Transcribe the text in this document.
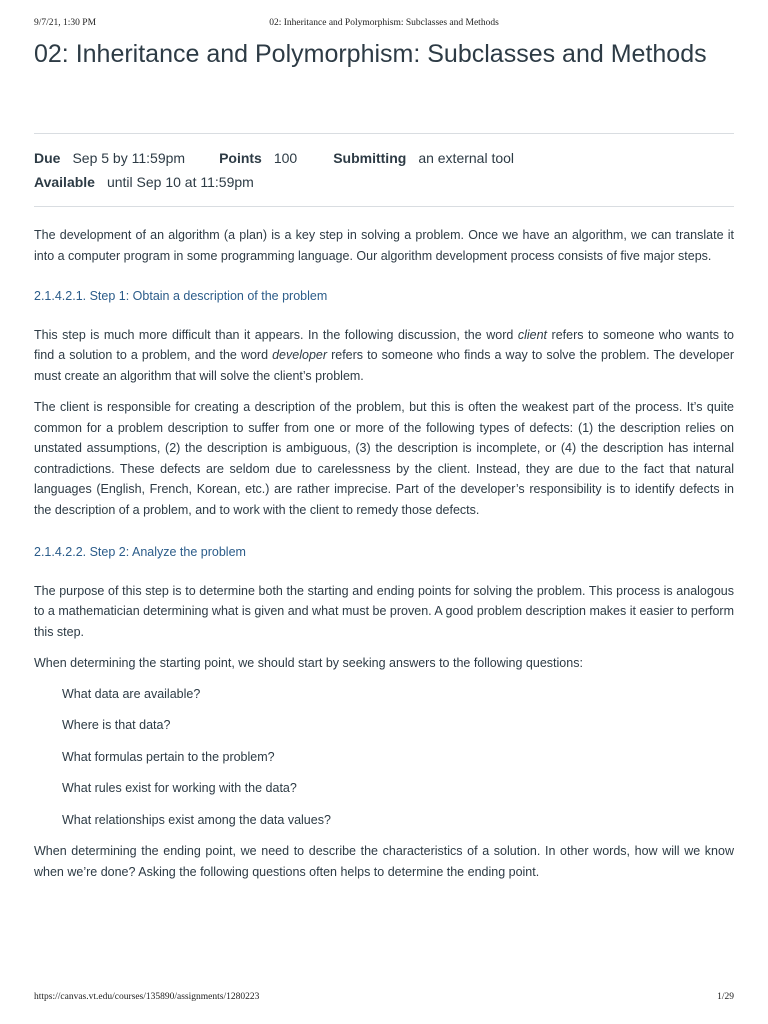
9/7/21, 1:30 PM	02: Inheritance and Polymorphism: Subclasses and Methods
02: Inheritance and Polymorphism: Subclasses and Methods
Due Sep 5 by 11:59pm Points 100	Submitting an external tool
Available until Sep 10 at 11:59pm

The development of an algorithm (a plan) is a key step in solving a problem. Once we have an algorithm, we can translate it into a computer program in some programming language. Our algorithm development process consists of five major steps.

2.1.4.2.1. Step 1: Obtain a description of the problem

This step is much more difficult than it appears. In the following discussion, the word client refers to someone who wants to find a solution to a problem, and the word developer refers to someone who finds a way to solve the problem. The developer must create an algorithm that will solve the client’s problem.

The client is responsible for creating a description of the problem, but this is often the weakest part of the process. It’s quite common for a problem description to suffer from one or more of the following types of defects: (1) the description relies on unstated assumptions, (2) the description is ambiguous, (3) the description is incomplete, or (4) the description has internal contradictions. These defects are seldom due to carelessness by the client. Instead, they are due to the fact that natural languages (English, French, Korean, etc.) are rather imprecise. Part of the developer’s responsibility is to identify defects in the description of a problem, and to work with the client to remedy those defects.

2.1.4.2.2. Step 2: Analyze the problem

The purpose of this step is to determine both the starting and ending points for solving the problem. This process is analogous to a mathematician determining what is given and what must be proven. A good problem description makes it easier to perform this step.

When determining the starting point, we should start by seeking answers to the following questions:

What data are available?
Where is that data?
What formulas pertain to the problem?
What rules exist for working with the data?
What relationships exist among the data values?

When determining the ending point, we need to describe the characteristics of a solution. In other words, how will we know when we’re done? Asking the following questions often helps to determine the ending point.

https://canvas.vt.edu/courses/135890/assignments/1280223	1/29
